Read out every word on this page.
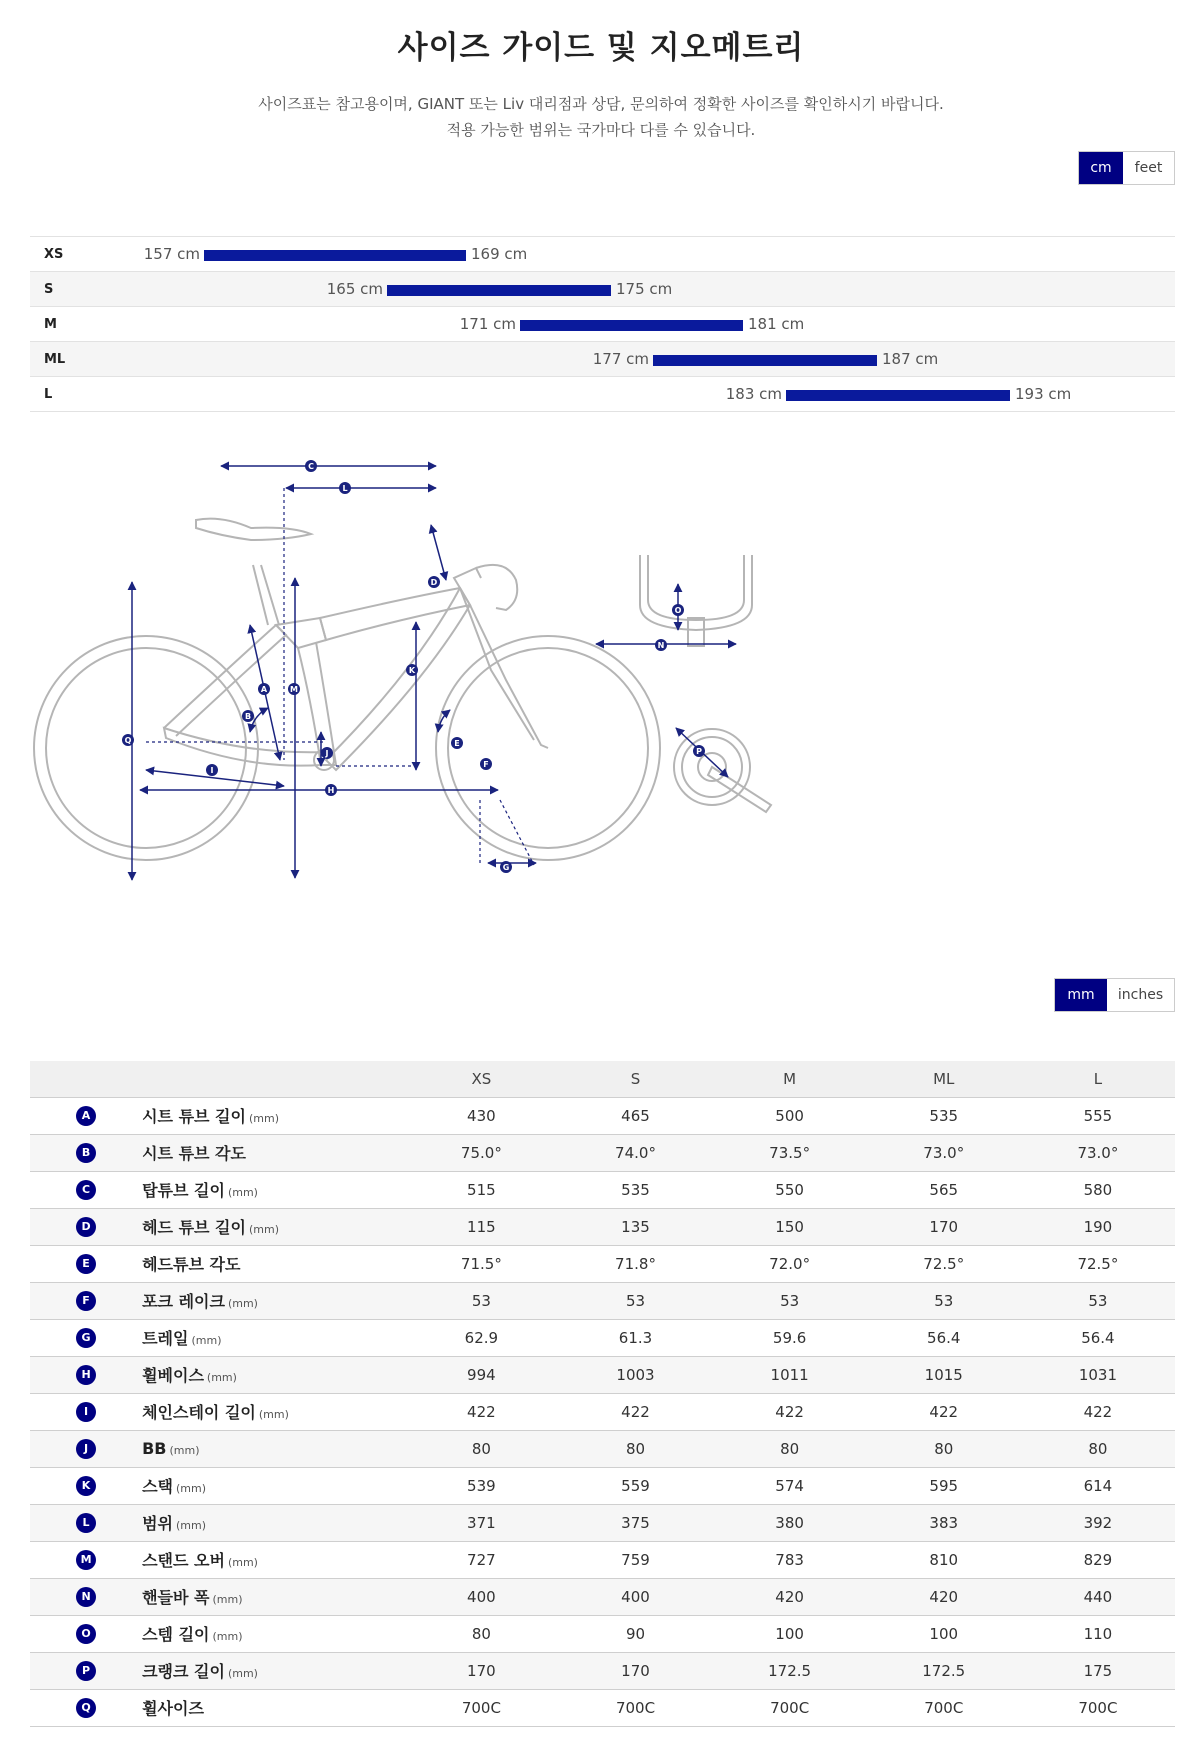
사이즈 가이드 및 지오메트리
사이즈표는 참고용이며, GIANT 또는 Liv 대리점과 상담, 문의하여 정확한 사이즈를 확인하시기 바랍니다.
적용 가능한 범위는 국가마다 다를 수 있습니다.
cm	feet
XS	157 cm	169 cm
S	165 cm	175 cm
M	171 cm	181 cm
ML	177 cm	187 cm
L	183 cm	193 cm
C
L
D
A	M
B
K
Q
I
J
E
F
H
G
O
N
P
mm	inches
		XS	S	M	ML	L
A	시트 튜브 길이 (mm)	430	465	500	535	555
B	시트 튜브 각도	75.0°	74.0°	73.5°	73.0°	73.0°
C	탑튜브 길이 (mm)	515	535	550	565	580
D	헤드 튜브 길이 (mm)	115	135	150	170	190
E	헤드튜브 각도	71.5°	71.8°	72.0°	72.5°	72.5°
F	포크 레이크 (mm)	53	53	53	53	53
G	트레일 (mm)	62.9	61.3	59.6	56.4	56.4
H	휠베이스 (mm)	994	1003	1011	1015	1031
I	체인스테이 길이 (mm)	422	422	422	422	422
J	BB (mm)	80	80	80	80	80
K	스택 (mm)	539	559	574	595	614
L	범위 (mm)	371	375	380	383	392
M	스탠드 오버 (mm)	727	759	783	810	829
N	핸들바 폭 (mm)	400	400	420	420	440
O	스템 길이 (mm)	80	90	100	100	110
P	크랭크 길이 (mm)	170	170	172.5	172.5	175
Q	휠사이즈	700C	700C	700C	700C	700C
